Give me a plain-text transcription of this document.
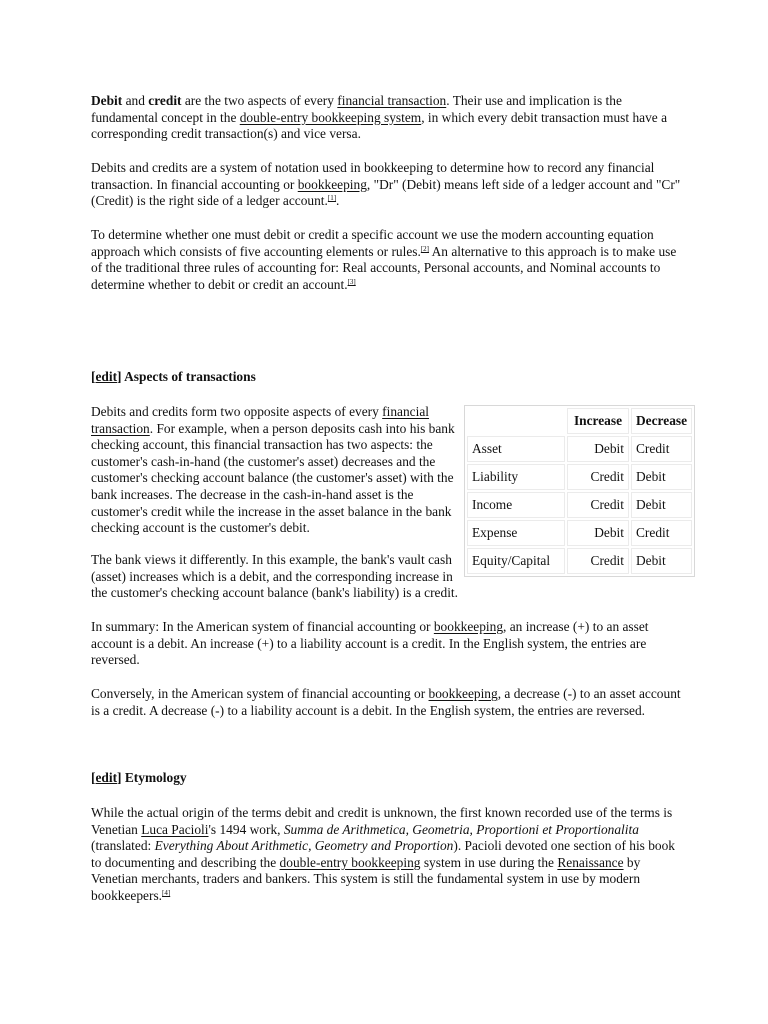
Debit and credit are the two aspects of every financial transaction. Their use and implication is the fundamental concept in the double-entry bookkeeping system, in which every debit transaction must have a corresponding credit transaction(s) and vice versa.

Debits and credits are a system of notation used in bookkeeping to determine how to record any financial transaction. In financial accounting or bookkeeping, "Dr" (Debit) means left side of a ledger account and "Cr" (Credit) is the right side of a ledger account.[1].

To determine whether one must debit or credit a specific account we use the modern accounting equation approach which consists of five accounting elements or rules.[2] An alternative to this approach is to make use of the traditional three rules of accounting for: Real accounts, Personal accounts, and Nominal accounts to determine whether to debit or credit an account.[3]

[edit] Aspects of transactions

Debits and credits form two opposite aspects of every financial transaction. For example, when a person deposits cash into his bank checking account, this financial transaction has two aspects: the customer's cash-in-hand (the customer's asset) decreases and the customer's checking account balance (the customer's asset) with the bank increases. The decrease in the cash-in-hand asset is the customer's credit while the increase in the asset balance in the bank checking account is the customer's debit.

	Increase	Decrease
Asset	Debit	Credit
Liability	Credit	Debit
Income	Credit	Debit
Expense	Debit	Credit
Equity/Capital	Credit	Debit

The bank views it differently. In this example, the bank's vault cash (asset) increases which is a debit, and the corresponding increase in the customer's checking account balance (bank's liability) is a credit.

In summary: In the American system of financial accounting or bookkeeping, an increase (+) to an asset account is a debit. An increase (+) to a liability account is a credit. In the English system, the entries are reversed.

Conversely, in the American system of financial accounting or bookkeeping, a decrease (-) to an asset account is a credit. A decrease (-) to a liability account is a debit. In the English system, the entries are reversed.

[edit] Etymology

While the actual origin of the terms debit and credit is unknown, the first known recorded use of the terms is Venetian Luca Pacioli's 1494 work, Summa de Arithmetica, Geometria, Proportioni et Proportionalita (translated: Everything About Arithmetic, Geometry and Proportion). Pacioli devoted one section of his book to documenting and describing the double-entry bookkeeping system in use during the Renaissance by Venetian merchants, traders and bankers. This system is still the fundamental system in use by modern bookkeepers.[4]
